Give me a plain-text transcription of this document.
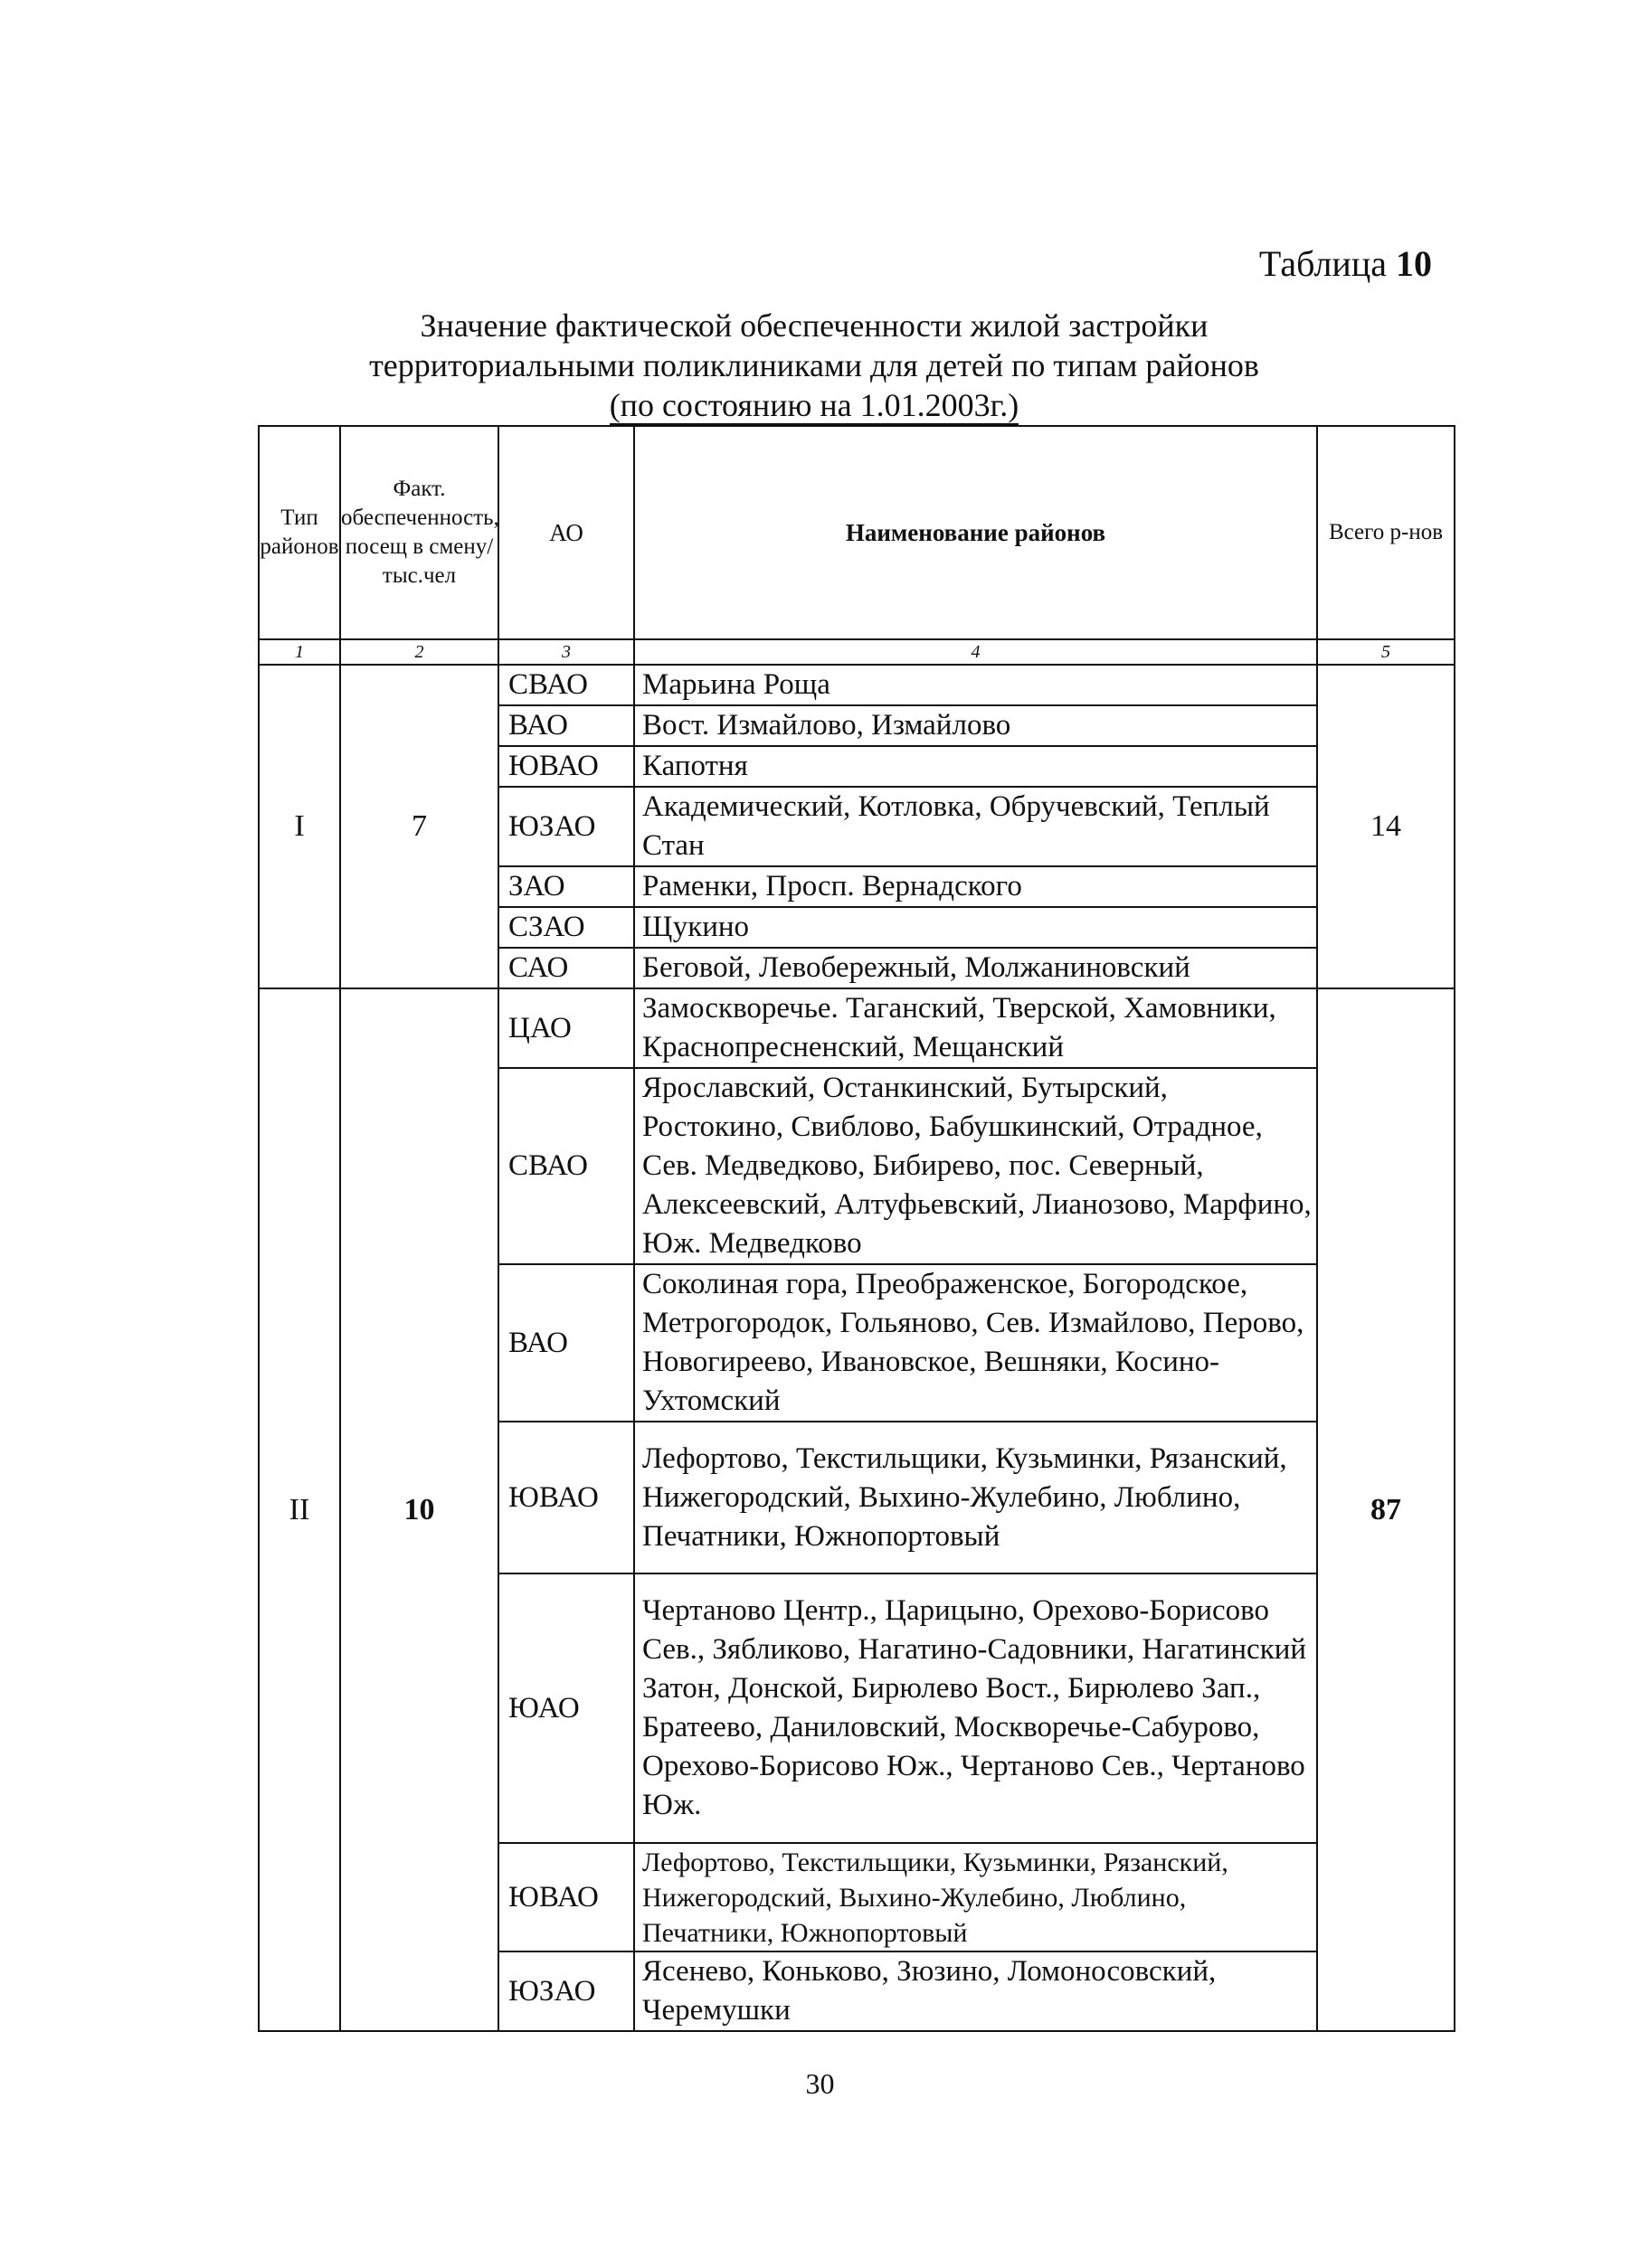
Таблица 10
Значение фактической обеспеченности жилой застройки
территориальными поликлиниками для детей по типам районов
(по состоянию на 1.01.2003г.)
Тип районов	Факт. обеспеченность, посещ в смену/ тыс.чел	АО	Наименование районов	Всего р-нов
1	2	3	4	5
I	7	СВАО	Марьина Роща	14
		ВАО	Вост. Измайлово, Измайлово	
		ЮВАО	Капотня	
		ЮЗАО	Академический, Котловка, Обручевский, Теплый Стан	
		ЗАО	Раменки, Просп. Вернадского	
		СЗАО	Щукино	
		САО	Беговой, Левобережный, Молжаниновский	
II	10	ЦАО	Замоскворечье. Таганский, Тверской, Хамовники, Краснопресненский, Мещанский	87
		СВАО	Ярославский, Останкинский, Бутырский, Ростокино, Свиблово, Бабушкинский, Отрадное, Сев. Медведково, Бибирево, пос. Северный, Алексеевский, Алтуфьевский, Лианозово, Марфино, Юж. Медведково	
		ВАО	Соколиная гора, Преображенское, Богородское, Метрогородок, Гольяново, Сев. Измайлово, Перово, Новогиреево, Ивановское, Вешняки, Косино-Ухтомский	
		ЮВАО	Лефортово, Текстильщики, Кузьминки, Рязанский, Нижегородский, Выхино-Жулебино, Люблино, Печатники, Южнопортовый	
		ЮАО	Чертаново Центр., Царицыно, Орехово-Борисово Сев., Зябликово, Нагатино-Садовники, Нагатинский Затон, Донской, Бирюлево Вост., Бирюлево Зап., Братеево, Даниловский, Москворечье-Сабурово, Орехово-Борисово Юж., Чертаново Сев., Чертаново Юж.	
		ЮВАО	Лефортово, Текстильщики, Кузьминки, Рязанский, Нижегородский, Выхино-Жулебино, Люблино, Печатники, Южнопортовый	
		ЮЗАО	Ясенево, Коньково, Зюзино, Ломоносовский, Черемушки	
30
